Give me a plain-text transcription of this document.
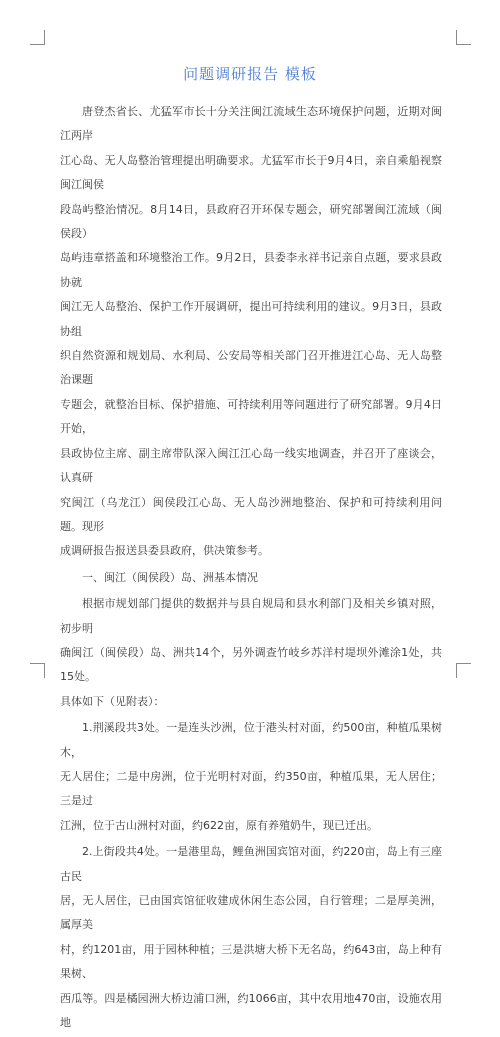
问题调研报告 模板

唐登杰省长、尤猛军市长十分关注闽江流域生态环境保护问题，近期对闽江两岸
江心岛、无人岛整治管理提出明确要求。尤猛军市长于9月4日，亲自乘船视察闽江闽侯
段岛屿整治情况。8月14日，县政府召开环保专题会，研究部署闽江流域（闽侯段）
岛屿违章搭盖和环境整治工作。9月2日，县委李永祥书记亲自点题，要求县政协就
闽江无人岛整治、保护工作开展调研，提出可持续利用的建议。9月3日，县政协组
织自然资源和规划局、水利局、公安局等相关部门召开推进江心岛、无人岛整治课题
专题会，就整治目标、保护措施、可持续利用等问题进行了研究部署。9月4日开始，
县政协位主席、副主席带队深入闽江江心岛一线实地调查，并召开了座谈会，认真研
究闽江（乌龙江）闽侯段江心岛、无人岛沙洲地整治、保护和可持续利用问题。现形
成调研报告报送县委县政府，供决策参考。

一、闽江（闽侯段）岛、洲基本情况

根据市规划部门提供的数据并与县自规局和县水利部门及相关乡镇对照，初步明
确闽江（闽侯段）岛、洲共14个，另外调查竹岐乡苏洋村堤坝外滩涂1处，共15处。
具体如下（见附表）：

1.荆溪段共3处。一是连头沙洲，位于港头村对面，约500亩，种植瓜果树木，
无人居住；二是中房洲，位于光明村对面，约350亩，种植瓜果，无人居住；三是过
江洲，位于古山洲村对面，约622亩，原有养殖奶牛，现已迁出。

2.上街段共4处。一是港里岛，鲤鱼洲国宾馆对面，约220亩，岛上有三座古民
居，无人居住，已由国宾馆征收建成休闲生态公园，自行管理；二是厚美洲，属厚美
村，约1201亩，用于园林种植；三是洪塘大桥下无名岛，约643亩，岛上种有果树、
西瓜等。四是橘园洲大桥边浦口洲，约1066亩，其中农用地470亩，设施农用地
